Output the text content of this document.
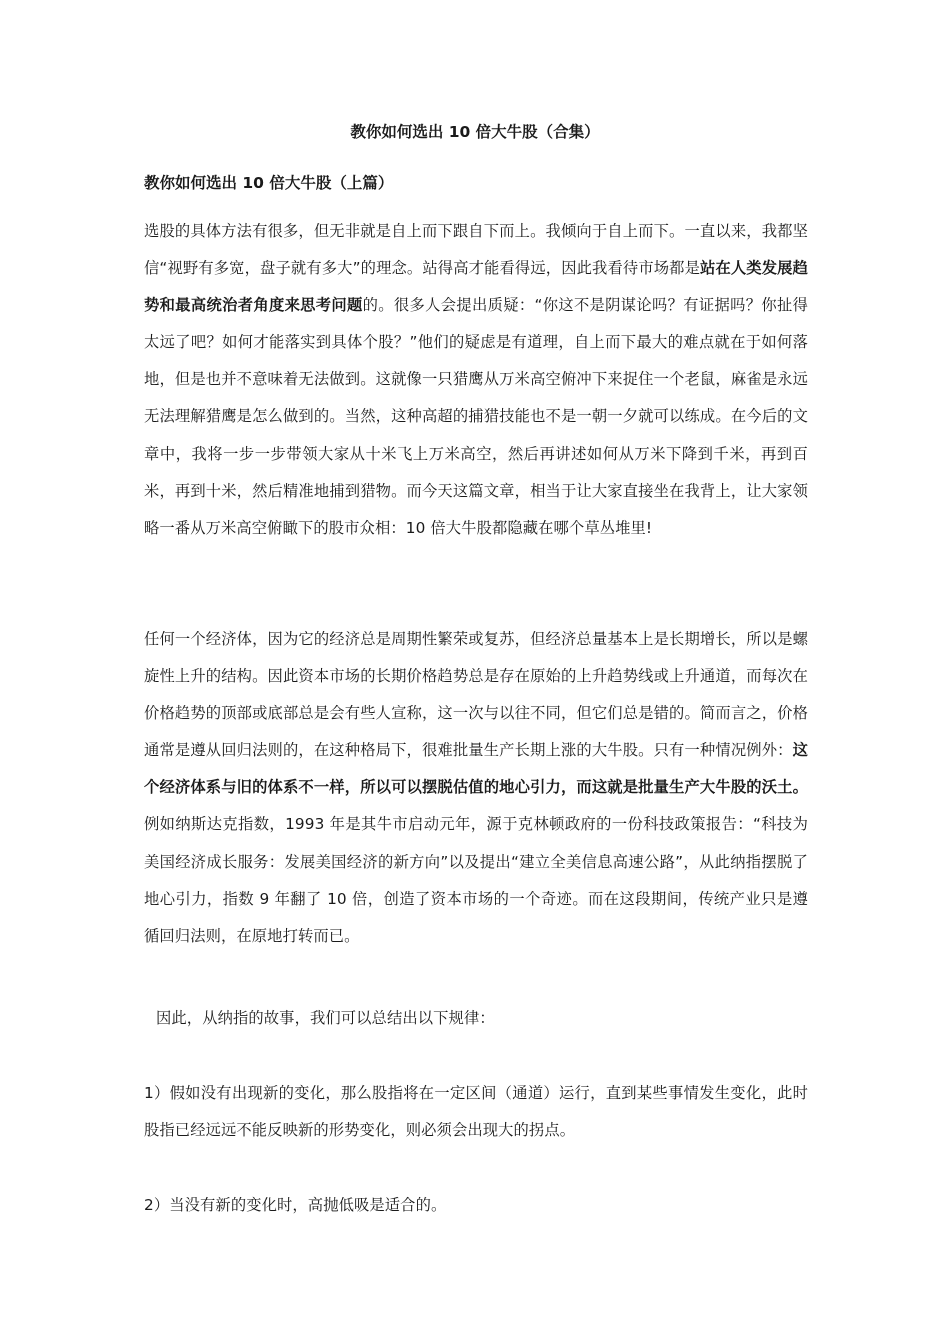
教你如何选出 10 倍大牛股（合集）
教你如何选出 10 倍大牛股（上篇）

选股的具体方法有很多，但无非就是自上而下跟自下而上。我倾向于自上而下。一直以来，我都坚信“视野有多宽，盘子就有多大”的理念。站得高才能看得远，因此我看待市场都是站在人类发展趋势和最高统治者角度来思考问题的。很多人会提出质疑：“你这不是阴谋论吗？有证据吗？你扯得太远了吧？如何才能落实到具体个股？”他们的疑虑是有道理，自上而下最大的难点就在于如何落地，但是也并不意味着无法做到。这就像一只猎鹰从万米高空俯冲下来捉住一个老鼠，麻雀是永远无法理解猎鹰是怎么做到的。当然，这种高超的捕猎技能也不是一朝一夕就可以练成。在今后的文章中，我将一步一步带领大家从十米飞上万米高空，然后再讲述如何从万米下降到千米，再到百米，再到十米，然后精准地捕到猎物。而今天这篇文章，相当于让大家直接坐在我背上，让大家领略一番从万米高空俯瞰下的股市众相：10 倍大牛股都隐藏在哪个草丛堆里!

任何一个经济体，因为它的经济总是周期性繁荣或复苏，但经济总量基本上是长期增长，所以是螺旋性上升的结构。因此资本市场的长期价格趋势总是存在原始的上升趋势线或上升通道，而每次在价格趋势的顶部或底部总是会有些人宣称，这一次与以往不同，但它们总是错的。简而言之，价格通常是遵从回归法则的，在这种格局下，很难批量生产长期上涨的大牛股。只有一种情况例外：这个经济体系与旧的体系不一样，所以可以摆脱估值的地心引力，而这就是批量生产大牛股的沃土。例如纳斯达克指数，1993 年是其牛市启动元年，源于克林顿政府的一份科技政策报告：“科技为美国经济成长服务：发展美国经济的新方向”以及提出“建立全美信息高速公路”，从此纳指摆脱了地心引力，指数 9 年翻了 10 倍，创造了资本市场的一个奇迹。而在这段期间，传统产业只是遵循回归法则，在原地打转而已。

因此，从纳指的故事，我们可以总结出以下规律：

1）假如没有出现新的变化，那么股指将在一定区间（通道）运行，直到某些事情发生变化，此时股指已经远远不能反映新的形势变化，则必须会出现大的拐点。

2）当没有新的变化时，高抛低吸是适合的。
